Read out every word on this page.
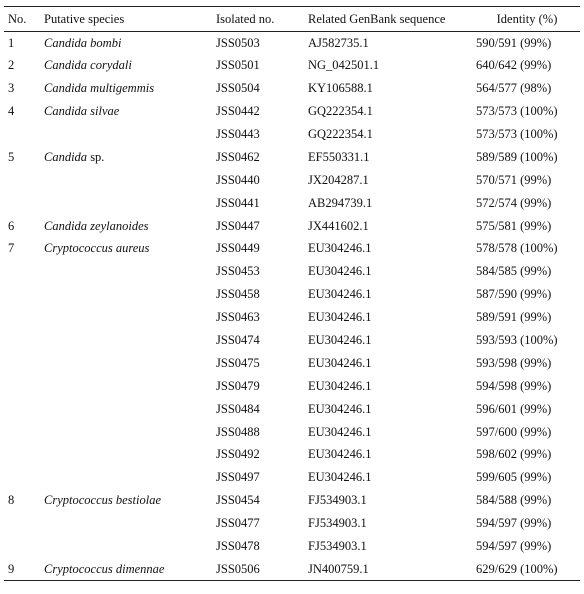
No.	Putative species	Isolated no.	Related GenBank sequence	Identity (%)
1	Candida bombi	JSS0503	AJ582735.1	590/591 (99%)
2	Candida corydali	JSS0501	NG_042501.1	640/642 (99%)
3	Candida multigemmis	JSS0504	KY106588.1	564/577 (98%)
4	Candida silvae	JSS0442	GQ222354.1	573/573 (100%)
		JSS0443	GQ222354.1	573/573 (100%)
5	Candida sp.	JSS0462	EF550331.1	589/589 (100%)
		JSS0440	JX204287.1	570/571 (99%)
		JSS0441	AB294739.1	572/574 (99%)
6	Candida zeylanoides	JSS0447	JX441602.1	575/581 (99%)
7	Cryptococcus aureus	JSS0449	EU304246.1	578/578 (100%)
		JSS0453	EU304246.1	584/585 (99%)
		JSS0458	EU304246.1	587/590 (99%)
		JSS0463	EU304246.1	589/591 (99%)
		JSS0474	EU304246.1	593/593 (100%)
		JSS0475	EU304246.1	593/598 (99%)
		JSS0479	EU304246.1	594/598 (99%)
		JSS0484	EU304246.1	596/601 (99%)
		JSS0488	EU304246.1	597/600 (99%)
		JSS0492	EU304246.1	598/602 (99%)
		JSS0497	EU304246.1	599/605 (99%)
8	Cryptococcus bestiolae	JSS0454	FJ534903.1	584/588 (99%)
		JSS0477	FJ534903.1	594/597 (99%)
		JSS0478	FJ534903.1	594/597 (99%)
9	Cryptococcus dimennae	JSS0506	JN400759.1	629/629 (100%)
